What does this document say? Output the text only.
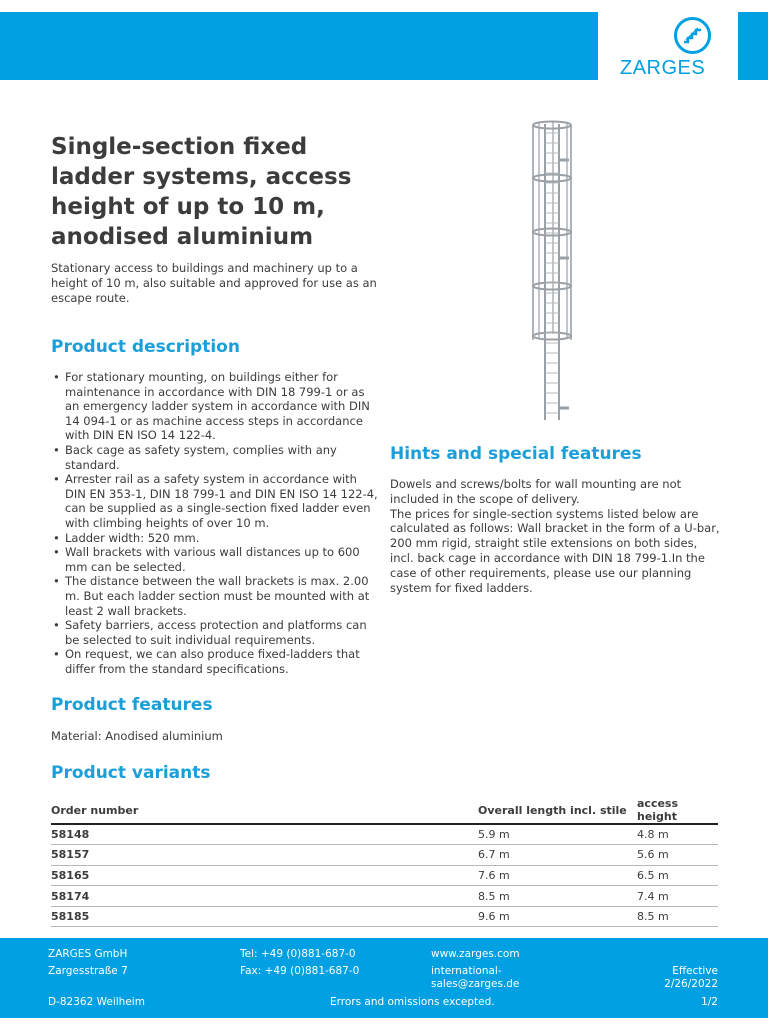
ZARGES
Single-section fixed ladder systems, access height of up to 10 m, anodised aluminium

Stationary access to buildings and machinery up to a height of 10 m, also suitable and approved for use as an escape route.

Product description
• For stationary mounting, on buildings either for maintenance in accordance with DIN 18 799-1 or as an emergency ladder system in accordance with DIN 14 094-1 or as machine access steps in accordance with DIN EN ISO 14 122-4.
• Back cage as safety system, complies with any standard.
• Arrester rail as a safety system in accordance with DIN EN 353-1, DIN 18 799-1 and DIN EN ISO 14 122-4, can be supplied as a single-section fixed ladder even with climbing heights of over 10 m.
• Ladder width: 520 mm.
• Wall brackets with various wall distances up to 600 mm can be selected.
• The distance between the wall brackets is max. 2.00 m. But each ladder section must be mounted with at least 2 wall brackets.
• Safety barriers, access protection and platforms can be selected to suit individual requirements.
• On request, we can also produce fixed-ladders that differ from the standard specifications.
Hints and special features

Dowels and screws/bolts for wall mounting are not included in the scope of delivery.

The prices for single-section systems listed below are calculated as follows: Wall bracket in the form of a U-bar, 200 mm rigid, straight stile extensions on both sides, incl. back cage in accordance with DIN 18 799-1.In the case of other requirements, please use our planning system for fixed ladders.

Product features
Material: Anodised aluminium
Product variants
Order number	Overall length incl. stile	access height
58148	5.9 m	4.8 m
58157	6.7 m	5.6 m
58165	7.6 m	6.5 m
58174	8.5 m	7.4 m
58185	9.6 m	8.5 m
ZARGES GmbH
Zargesstraße 7
D-82362 Weilheim
Tel: +49 (0)881-687-0
Fax: +49 (0)881-687-0
www.zarges.com
international-
sales@zarges.de
Errors and omissions excepted.
Effective
2/26/2022
1/2
